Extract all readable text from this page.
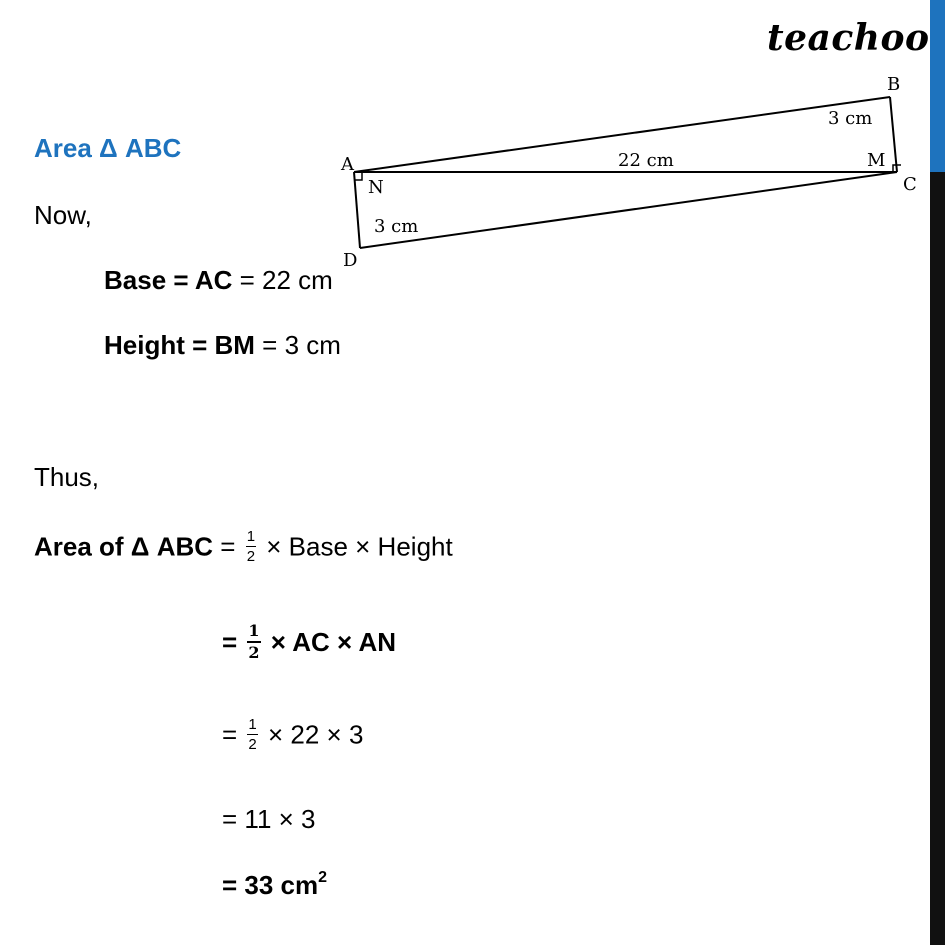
teachoo
A
N
D
B
M
C
22 cm
3 cm
3 cm
Area Δ ABC
Now,
Base = AC = 22 cm
Height = BM = 3 cm
Thus,
Area of Δ ABC = $\frac{1}{2}$ × Base × Height
= $\frac{1}{2}$ × AC × AN
= $\frac{1}{2} \times 22 \times 3$
= 11 × 3
= 33 $cm^2$
